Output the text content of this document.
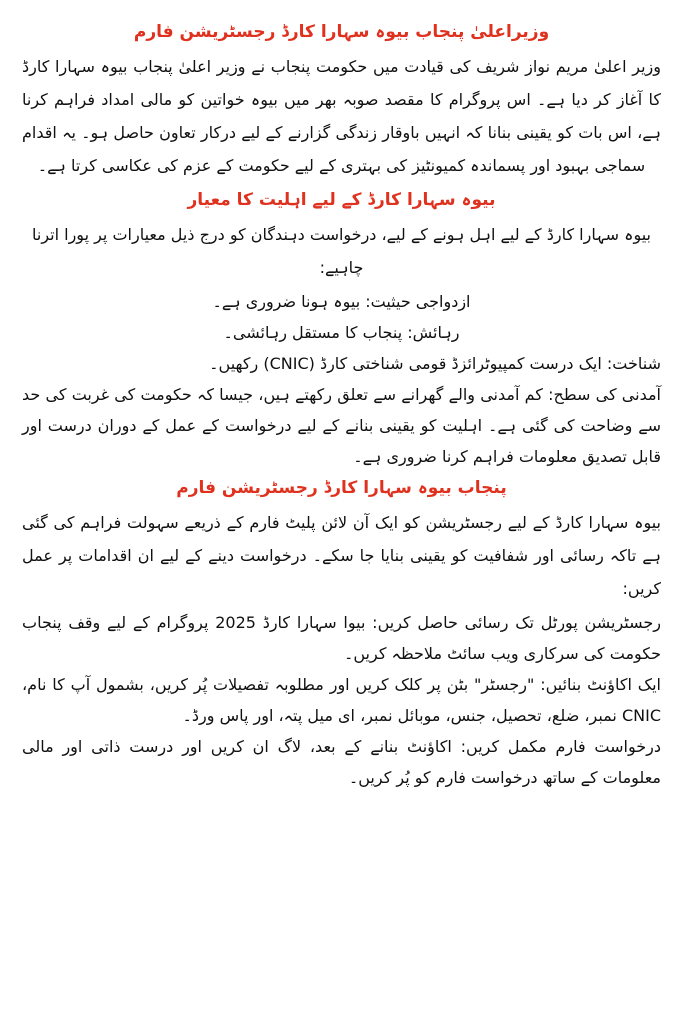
وزیراعلیٰ پنجاب بیوہ سہارا کارڈ رجسٹریشن فارم

وزیر اعلیٰ مریم نواز شریف کی قیادت میں حکومت پنجاب نے وزیر اعلیٰ پنجاب بیوہ سہارا کارڈ کا آغاز کر دیا ہے۔ اس پروگرام کا مقصد صوبہ بھر میں بیوہ خواتین کو مالی امداد فراہم کرنا ہے، اس بات کو یقینی بنانا کہ انہیں باوقار زندگی گزارنے کے لیے درکار تعاون حاصل ہو۔ یہ اقدام سماجی بہبود اور پسماندہ کمیونٹیز کی بہتری کے لیے حکومت کے عزم کی عکاسی کرتا ہے۔

بیوہ سہارا کارڈ کے لیے اہلیت کا معیار

بیوہ سہارا کارڈ کے لیے اہل ہونے کے لیے، درخواست دہندگان کو درج ذیل معیارات پر پورا اترنا چاہیے:

ازدواجی حیثیت: بیوہ ہونا ضروری ہے۔

رہائش: پنجاب کا مستقل رہائشی۔

شناخت: ایک درست کمپیوٹرائزڈ قومی شناختی کارڈ (CNIC) رکھیں۔

آمدنی کی سطح: کم آمدنی والے گھرانے سے تعلق رکھتے ہیں، جیسا کہ حکومت کی غربت کی حد سے وضاحت کی گئی ہے۔ اہلیت کو یقینی بنانے کے لیے درخواست کے عمل کے دوران درست اور قابل تصدیق معلومات فراہم کرنا ضروری ہے۔

پنجاب بیوہ سہارا کارڈ رجسٹریشن فارم

بیوہ سہارا کارڈ کے لیے رجسٹریشن کو ایک آن لائن پلیٹ فارم کے ذریعے سہولت فراہم کی گئی ہے تاکہ رسائی اور شفافیت کو یقینی بنایا جا سکے۔ درخواست دینے کے لیے ان اقدامات پر عمل کریں:

رجسٹریشن پورٹل تک رسائی حاصل کریں: بیوا سہارا کارڈ 2025 پروگرام کے لیے وقف پنجاب حکومت کی سرکاری ویب سائٹ ملاحظہ کریں۔

ایک اکاؤنٹ بنائیں: "رجسٹر" بٹن پر کلک کریں اور مطلوبہ تفصیلات پُر کریں، بشمول آپ کا نام، CNIC نمبر، ضلع، تحصیل، جنس، موبائل نمبر، ای میل پتہ، اور پاس ورڈ۔

درخواست فارم مکمل کریں: اکاؤنٹ بنانے کے بعد، لاگ ان کریں اور درست ذاتی اور مالی معلومات کے ساتھ درخواست فارم کو پُر کریں۔
